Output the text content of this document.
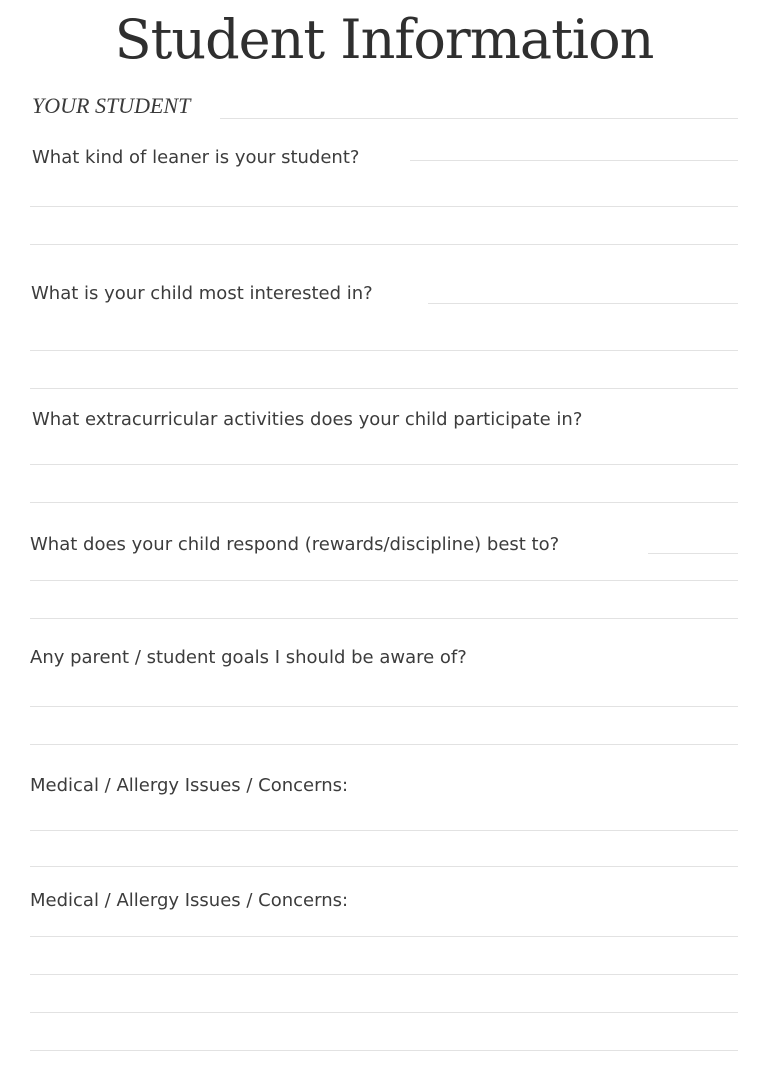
Student Information
YOUR STUDENT
What kind of leaner is your student?
What is your child most interested in?
What extracurricular activities does your child participate in?
What does your child respond (rewards/discipline) best to?
Any parent / student goals I should be aware of?
Medical / Allergy Issues / Concerns:
Medical / Allergy Issues / Concerns:
